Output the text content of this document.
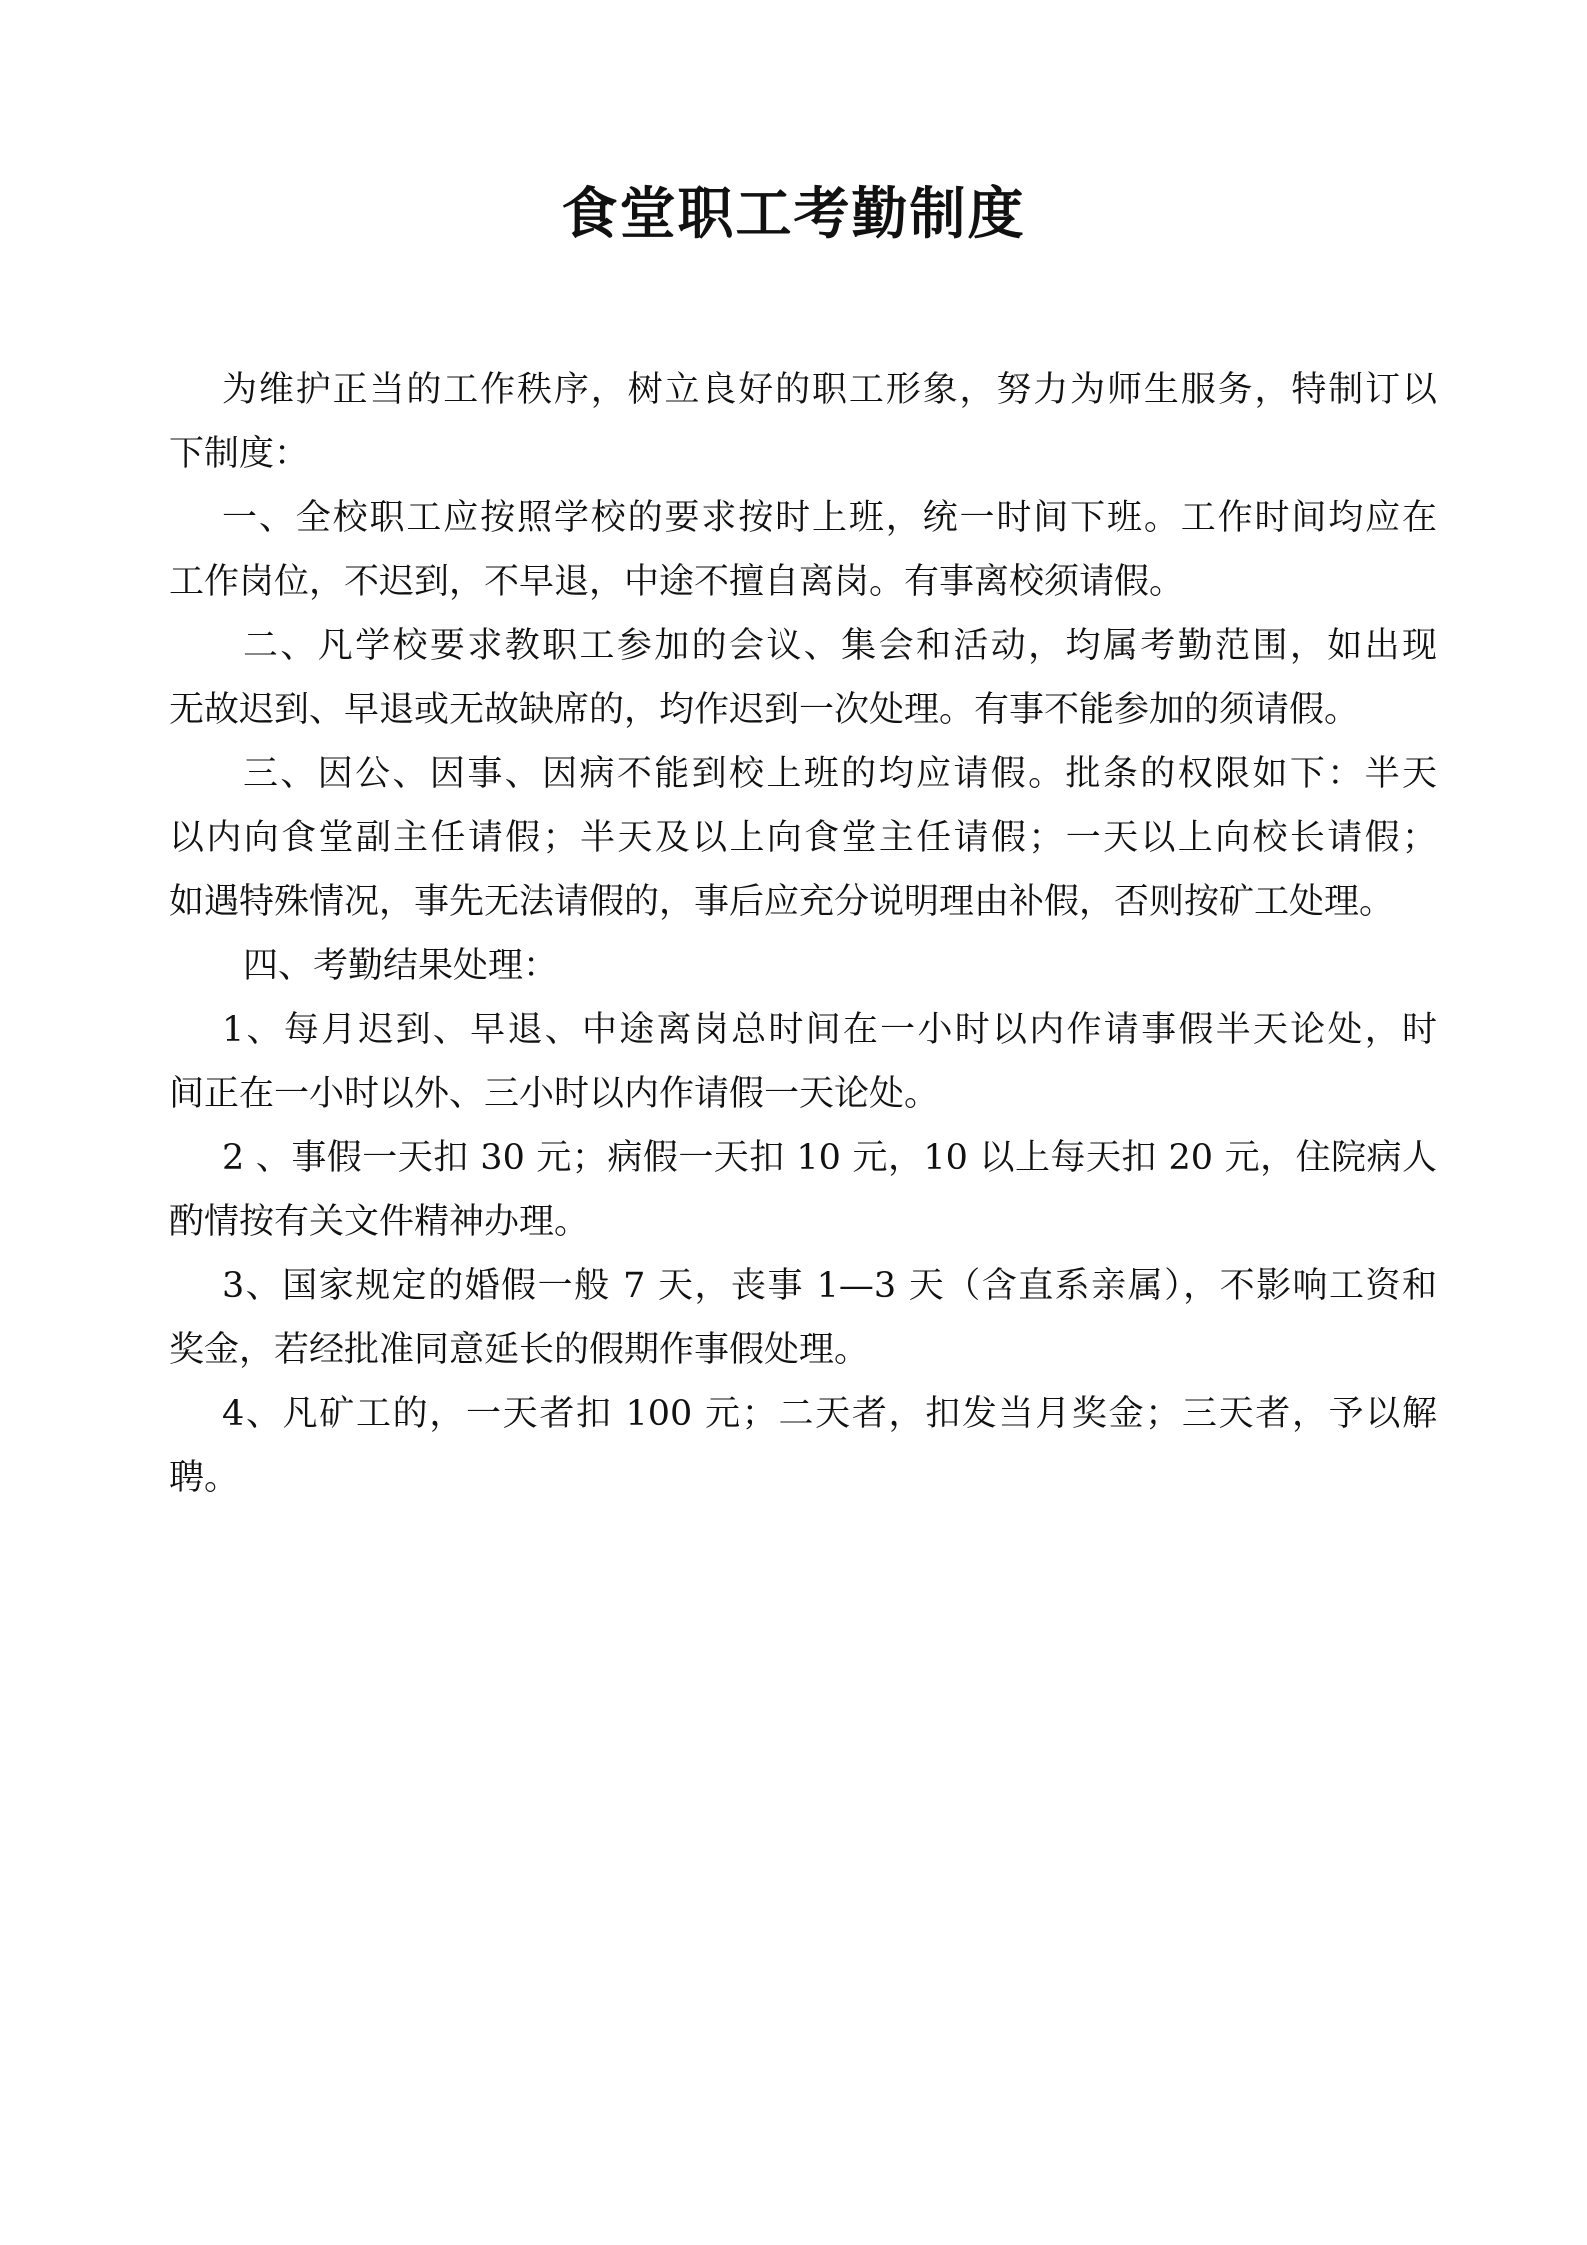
食堂职工考勤制度
为维护正当的工作秩序，树立良好的职工形象，努力为师生服务，特制订以
下制度：
一、全校职工应按照学校的要求按时上班，统一时间下班。工作时间均应在
工作岗位，不迟到，不早退，中途不擅自离岗。有事离校须请假。
二、凡学校要求教职工参加的会议、集会和活动，均属考勤范围，如出现
无故迟到、早退或无故缺席的，均作迟到一次处理。有事不能参加的须请假。
三、因公、因事、因病不能到校上班的均应请假。批条的权限如下：半天
以内向食堂副主任请假；半天及以上向食堂主任请假；一天以上向校长请假；
如遇特殊情况，事先无法请假的，事后应充分说明理由补假，否则按矿工处理。
四、考勤结果处理：
1、每月迟到、早退、中途离岗总时间在一小时以内作请事假半天论处，时
间正在一小时以外、三小时以内作请假一天论处。
2 、事假一天扣 30 元；病假一天扣 10 元，10 以上每天扣 20 元，住院病人
酌情按有关文件精神办理。
3、国家规定的婚假一般 7 天，丧事 1—3 天（含直系亲属），不影响工资和
奖金，若经批准同意延长的假期作事假处理。
4、凡矿工的，一天者扣 100 元；二天者，扣发当月奖金；三天者，予以解
聘。
